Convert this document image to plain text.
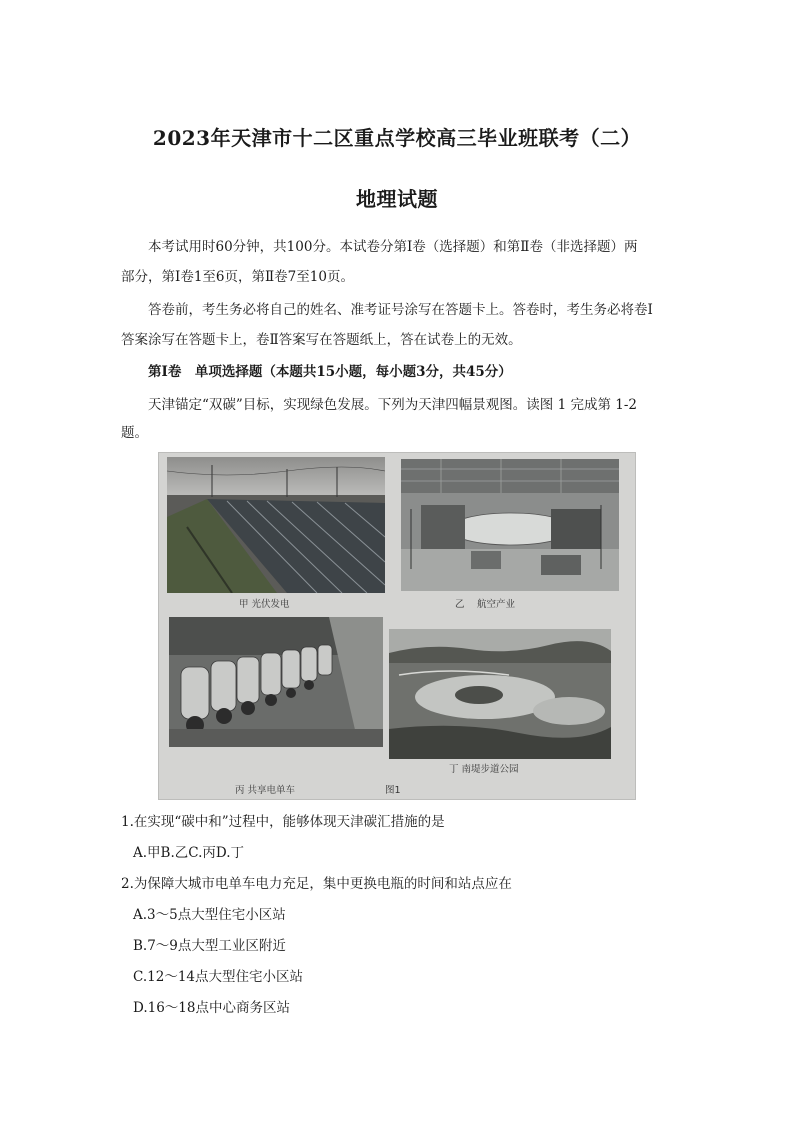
2023年天津市十二区重点学校高三毕业班联考（二）
地理试题
本考试用时60分钟，共100分。本试卷分第Ⅰ卷（选择题）和第Ⅱ卷（非选择题）两
部分，第Ⅰ卷1至6页，第Ⅱ卷7至10页。
答卷前，考生务必将自己的姓名、准考证号涂写在答题卡上。答卷时，考生务必将卷Ⅰ
答案涂写在答题卡上，卷Ⅱ答案写在答题纸上，答在试卷上的无效。
第Ⅰ卷　单项选择题（本题共15小题，每小题3分，共45分）
天津锚定“双碳”目标，实现绿色发展。下列为天津四幅景观图。读图 1 完成第 1-2
题。
甲 光伏发电	乙　 航空产业
丙 共享电单车
丁 南堤步道公园
图1
1.在实现“碳中和”过程中，能够体现天津碳汇措施的是
A.甲B.乙C.丙D.丁
2.为保障大城市电单车电力充足，集中更换电瓶的时间和站点应在
A.3～5点大型住宅小区站
B.7～9点大型工业区附近
C.12～14点大型住宅小区站
D.16～18点中心商务区站
